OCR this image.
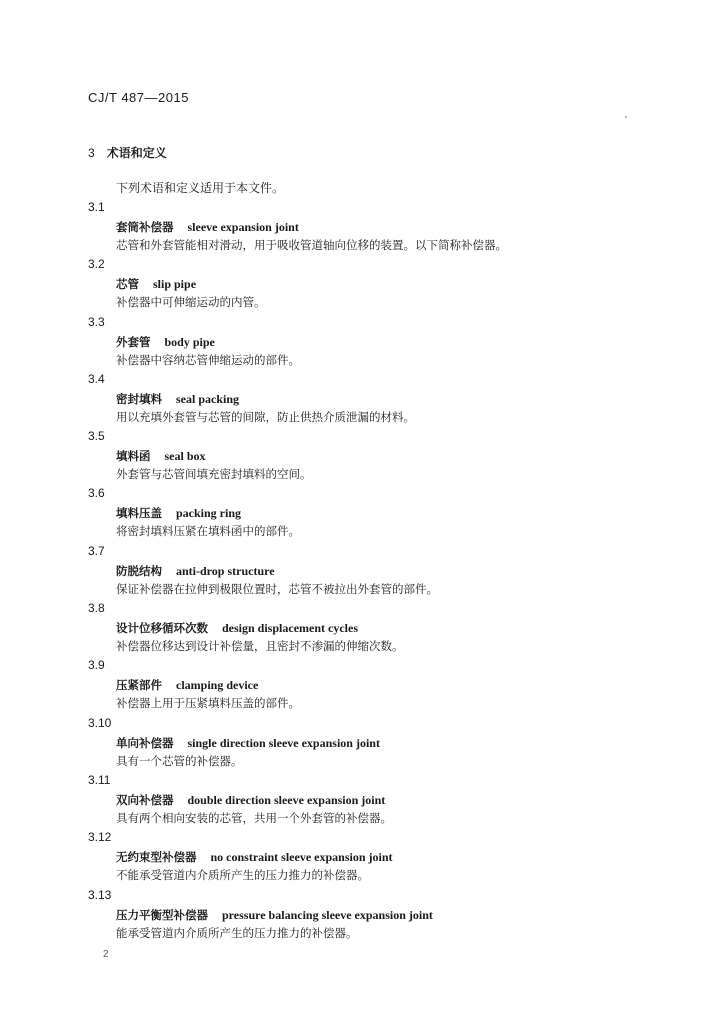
CJ/T 487—2015
3 术语和定义
下列术语和定义适用于本文件。
3.1
套筒补偿器 sleeve expansion joint
芯管和外套管能相对滑动，用于吸收管道轴向位移的装置。以下简称补偿器。
3.2
芯管 slip pipe
补偿器中可伸缩运动的内管。
3.3
外套管 body pipe
补偿器中容纳芯管伸缩运动的部件。
3.4
密封填料 seal packing
用以充填外套管与芯管的间隙，防止供热介质泄漏的材料。
3.5
填料函 seal box
外套管与芯管间填充密封填料的空间。
3.6
填料压盖 packing ring
将密封填料压紧在填料函中的部件。
3.7
防脱结构 anti-drop structure
保证补偿器在拉伸到极限位置时，芯管不被拉出外套管的部件。
3.8
设计位移循环次数 design displacement cycles
补偿器位移达到设计补偿量，且密封不渗漏的伸缩次数。
3.9
压紧部件 clamping device
补偿器上用于压紧填料压盖的部件。
3.10
单向补偿器 single direction sleeve expansion joint
具有一个芯管的补偿器。
3.11
双向补偿器 double direction sleeve expansion joint
具有两个相向安装的芯管，共用一个外套管的补偿器。
3.12
无约束型补偿器 no constraint sleeve expansion joint
不能承受管道内介质所产生的压力推力的补偿器。
3.13
压力平衡型补偿器 pressure balancing sleeve expansion joint
能承受管道内介质所产生的压力推力的补偿器。
2
